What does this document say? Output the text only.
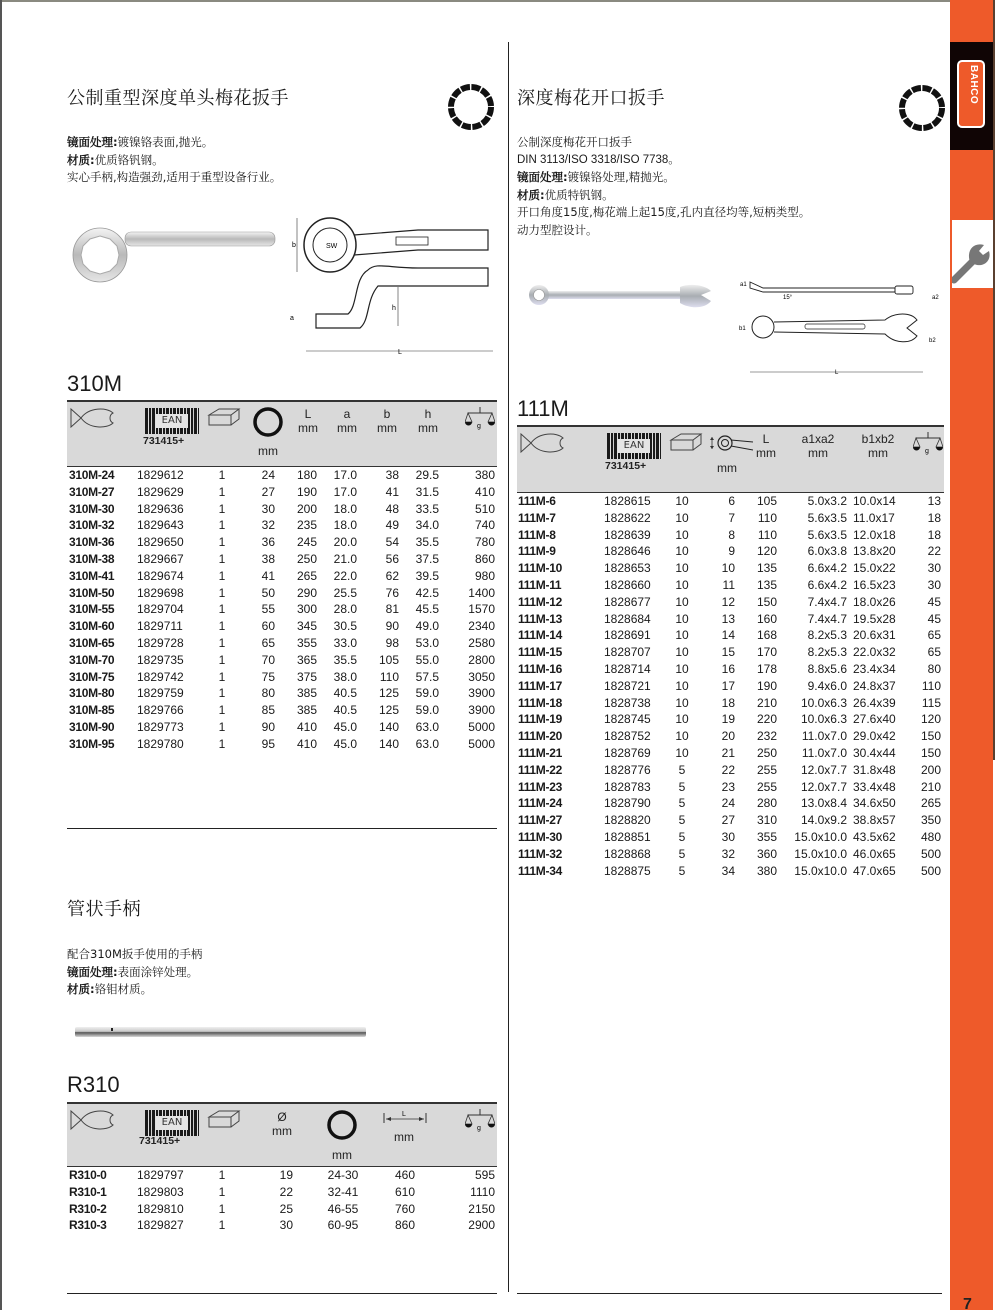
BAHCO
7
公制重型深度单头梅花扳手
镜面处理:镀镍铬表面,抛光。
材质:优质铬钒钢。
实心手柄,构造强劲,适用于重型设备行业。
b	SW
h
a
L
310M
EAN
731415+
mm
L
mm
a
mm
b
mm
h
mm	g
310M-24 1829612	1	24	180	17.0	38	29.5	380
310M-27 1829629	1	27	190	17.0	41	31.5	410
310M-30 1829636	1	30	200	18.0	48	33.5	510
310M-32 1829643	1	32	235	18.0	49	34.0	740
310M-36 1829650	1	36	245	20.0	54	35.5	780
310M-38 1829667	1	38	250	21.0	56	37.5	860
310M-41 1829674	1	41	265	22.0	62	39.5	980
310M-50 1829698	1	50	290	25.5	76	42.5	1400
310M-55 1829704	1	55	300	28.0	81	45.5	1570
310M-60 1829711	1	60	345	30.5	90	49.0	2340
310M-65 1829728	1	65	355	33.0	98	53.0	2580
310M-70 1829735	1	70	365	35.5	105	55.0	2800
310M-75 1829742	1	75	375	38.0	110	57.5	3050
310M-80 1829759	1	80	385	40.5	125	59.0	3900
310M-85 1829766	1	85	385	40.5	125	59.0	3900
310M-90 1829773	1	90	410	45.0	140	63.0	5000
310M-95 1829780	1	95	410	45.0	140	63.0	5000
管状手柄
配合310M扳手使用的手柄
镜面处理:表面涂锌处理。
材质:铬钼材质。
R310
EAN
731415+
Ø
mm
mm
L
mm
g
R310-0	1829797	1	19	24-30	460	595
R310-1	1829803	1	22	32-41	610	1110
R310-2	1829810	1	25	46-55	760	2150
R310-3	1829827	1	30	60-95	860	2900
深度梅花开口扳手
公制深度梅花开口扳手
DIN 3113/ISO 3318/ISO 7738。
镜面处理:镀镍铬处理,精抛光。
材质:优质特钒钢。
开口角度15度,梅花端上起15度,孔内直径均等,短柄类型。
动力型腔设计。
a1
15°	a2
b1
b2
L
111M
EAN
731415+	mm
L
mm
a1xa2
mm
b1xb2
mm	g
111M-6	1828615	10	6	105	5.0x3.2 10.0x14	13
111M-7	1828622	10	7	110	5.6x3.5 11.0x17	18
111M-8	1828639	10	8	110	5.6x3.5 12.0x18	18
111M-9	1828646	10	9	120	6.0x3.8 13.8x20	22
111M-10	1828653	10	10	135	6.6x4.2 15.0x22	30
111M-11	1828660	10	11	135	6.6x4.2 16.5x23	30
111M-12	1828677	10	12	150	7.4x4.7 18.0x26	45
111M-13	1828684	10	13	160	7.4x4.7 19.5x28	45
111M-14	1828691	10	14	168	8.2x5.3 20.6x31	65
111M-15	1828707	10	15	170	8.2x5.3 22.0x32	65
111M-16	1828714	10	16	178	8.8x5.6 23.4x34	80
111M-17	1828721	10	17	190	9.4x6.0 24.8x37	110
111M-18	1828738	10	18	210	10.0x6.3 26.4x39	115
111M-19	1828745	10	19	220	10.0x6.3 27.6x40	120
111M-20	1828752	10	20	232	11.0x7.0 29.0x42	150
111M-21	1828769	10	21	250	11.0x7.0 30.4x44	150
111M-22	1828776	5	22	255	12.0x7.7 31.8x48	200
111M-23	1828783	5	23	255	12.0x7.7 33.4x48	210
111M-24	1828790	5	24	280	13.0x8.4 34.6x50	265
111M-27	1828820	5	27	310	14.0x9.2 38.8x57	350
111M-30	1828851	5	30	355	15.0x10.0 43.5x62	480
111M-32	1828868	5	32	360	15.0x10.0 46.0x65	500
111M-34	1828875	5	34	380	15.0x10.0 47.0x65	500
